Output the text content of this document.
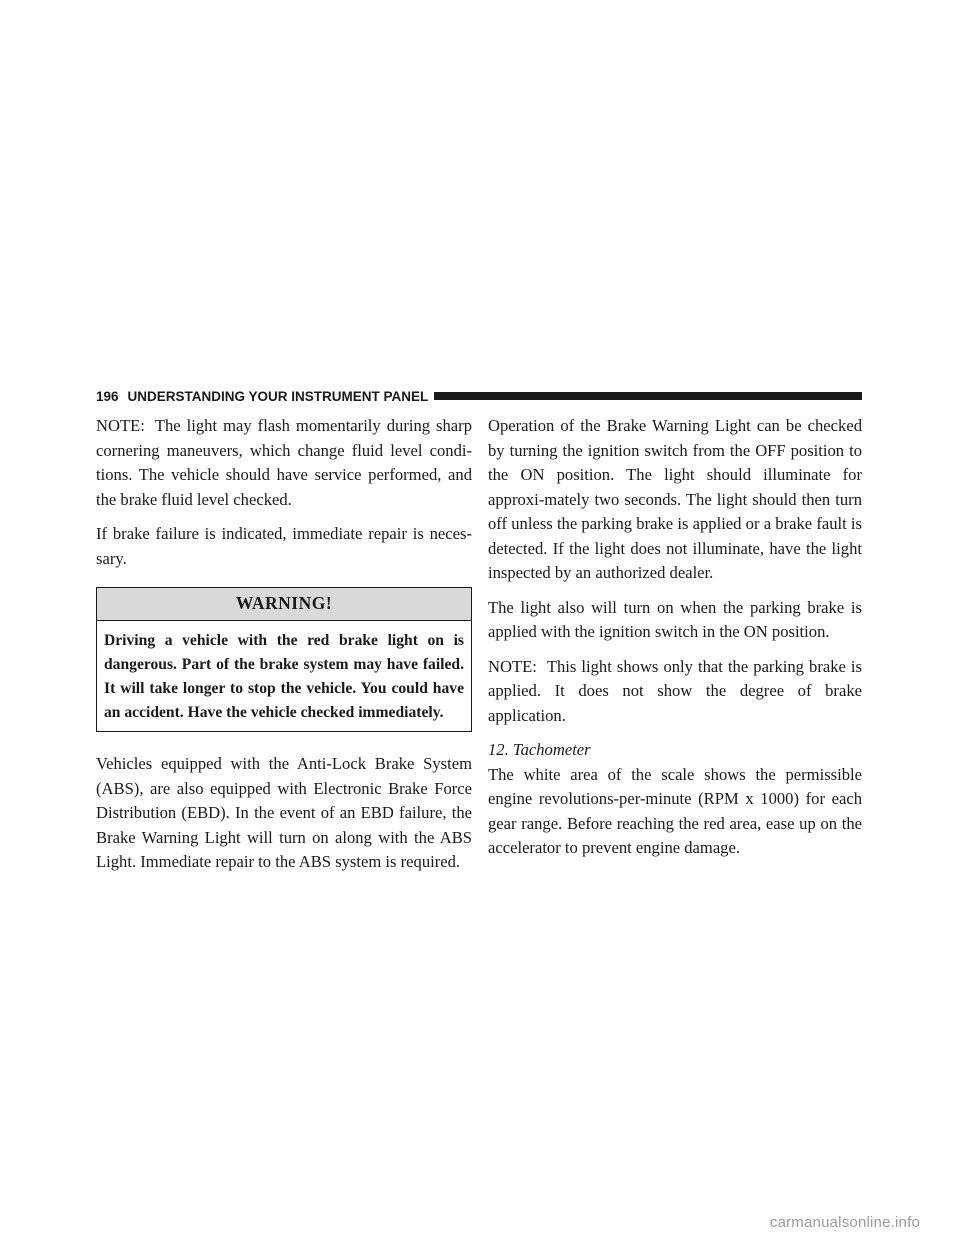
196 UNDERSTANDING YOUR INSTRUMENT PANEL

NOTE: The light may flash momentarily during sharp cornering maneuvers, which change fluid level condi-tions. The vehicle should have service performed, and the brake fluid level checked.

If brake failure is indicated, immediate repair is neces-sary.

WARNING!

Driving a vehicle with the red brake light on is dangerous. Part of the brake system may have failed. It will take longer to stop the vehicle. You could have an accident. Have the vehicle checked immediately.

Vehicles equipped with the Anti-Lock Brake System (ABS), are also equipped with Electronic Brake Force Distribution (EBD). In the event of an EBD failure, the Brake Warning Light will turn on along with the ABS Light. Immediate repair to the ABS system is required.

Operation of the Brake Warning Light can be checked by turning the ignition switch from the OFF position to the ON position. The light should illuminate for approxi-mately two seconds. The light should then turn off unless the parking brake is applied or a brake fault is detected. If the light does not illuminate, have the light inspected by an authorized dealer.

The light also will turn on when the parking brake is applied with the ignition switch in the ON position.

NOTE: This light shows only that the parking brake is applied. It does not show the degree of brake application.

12. Tachometer

The white area of the scale shows the permissible engine revolutions-per-minute (RPM x 1000) for each gear range. Before reaching the red area, ease up on the accelerator to prevent engine damage.

carmanualsonline.info
